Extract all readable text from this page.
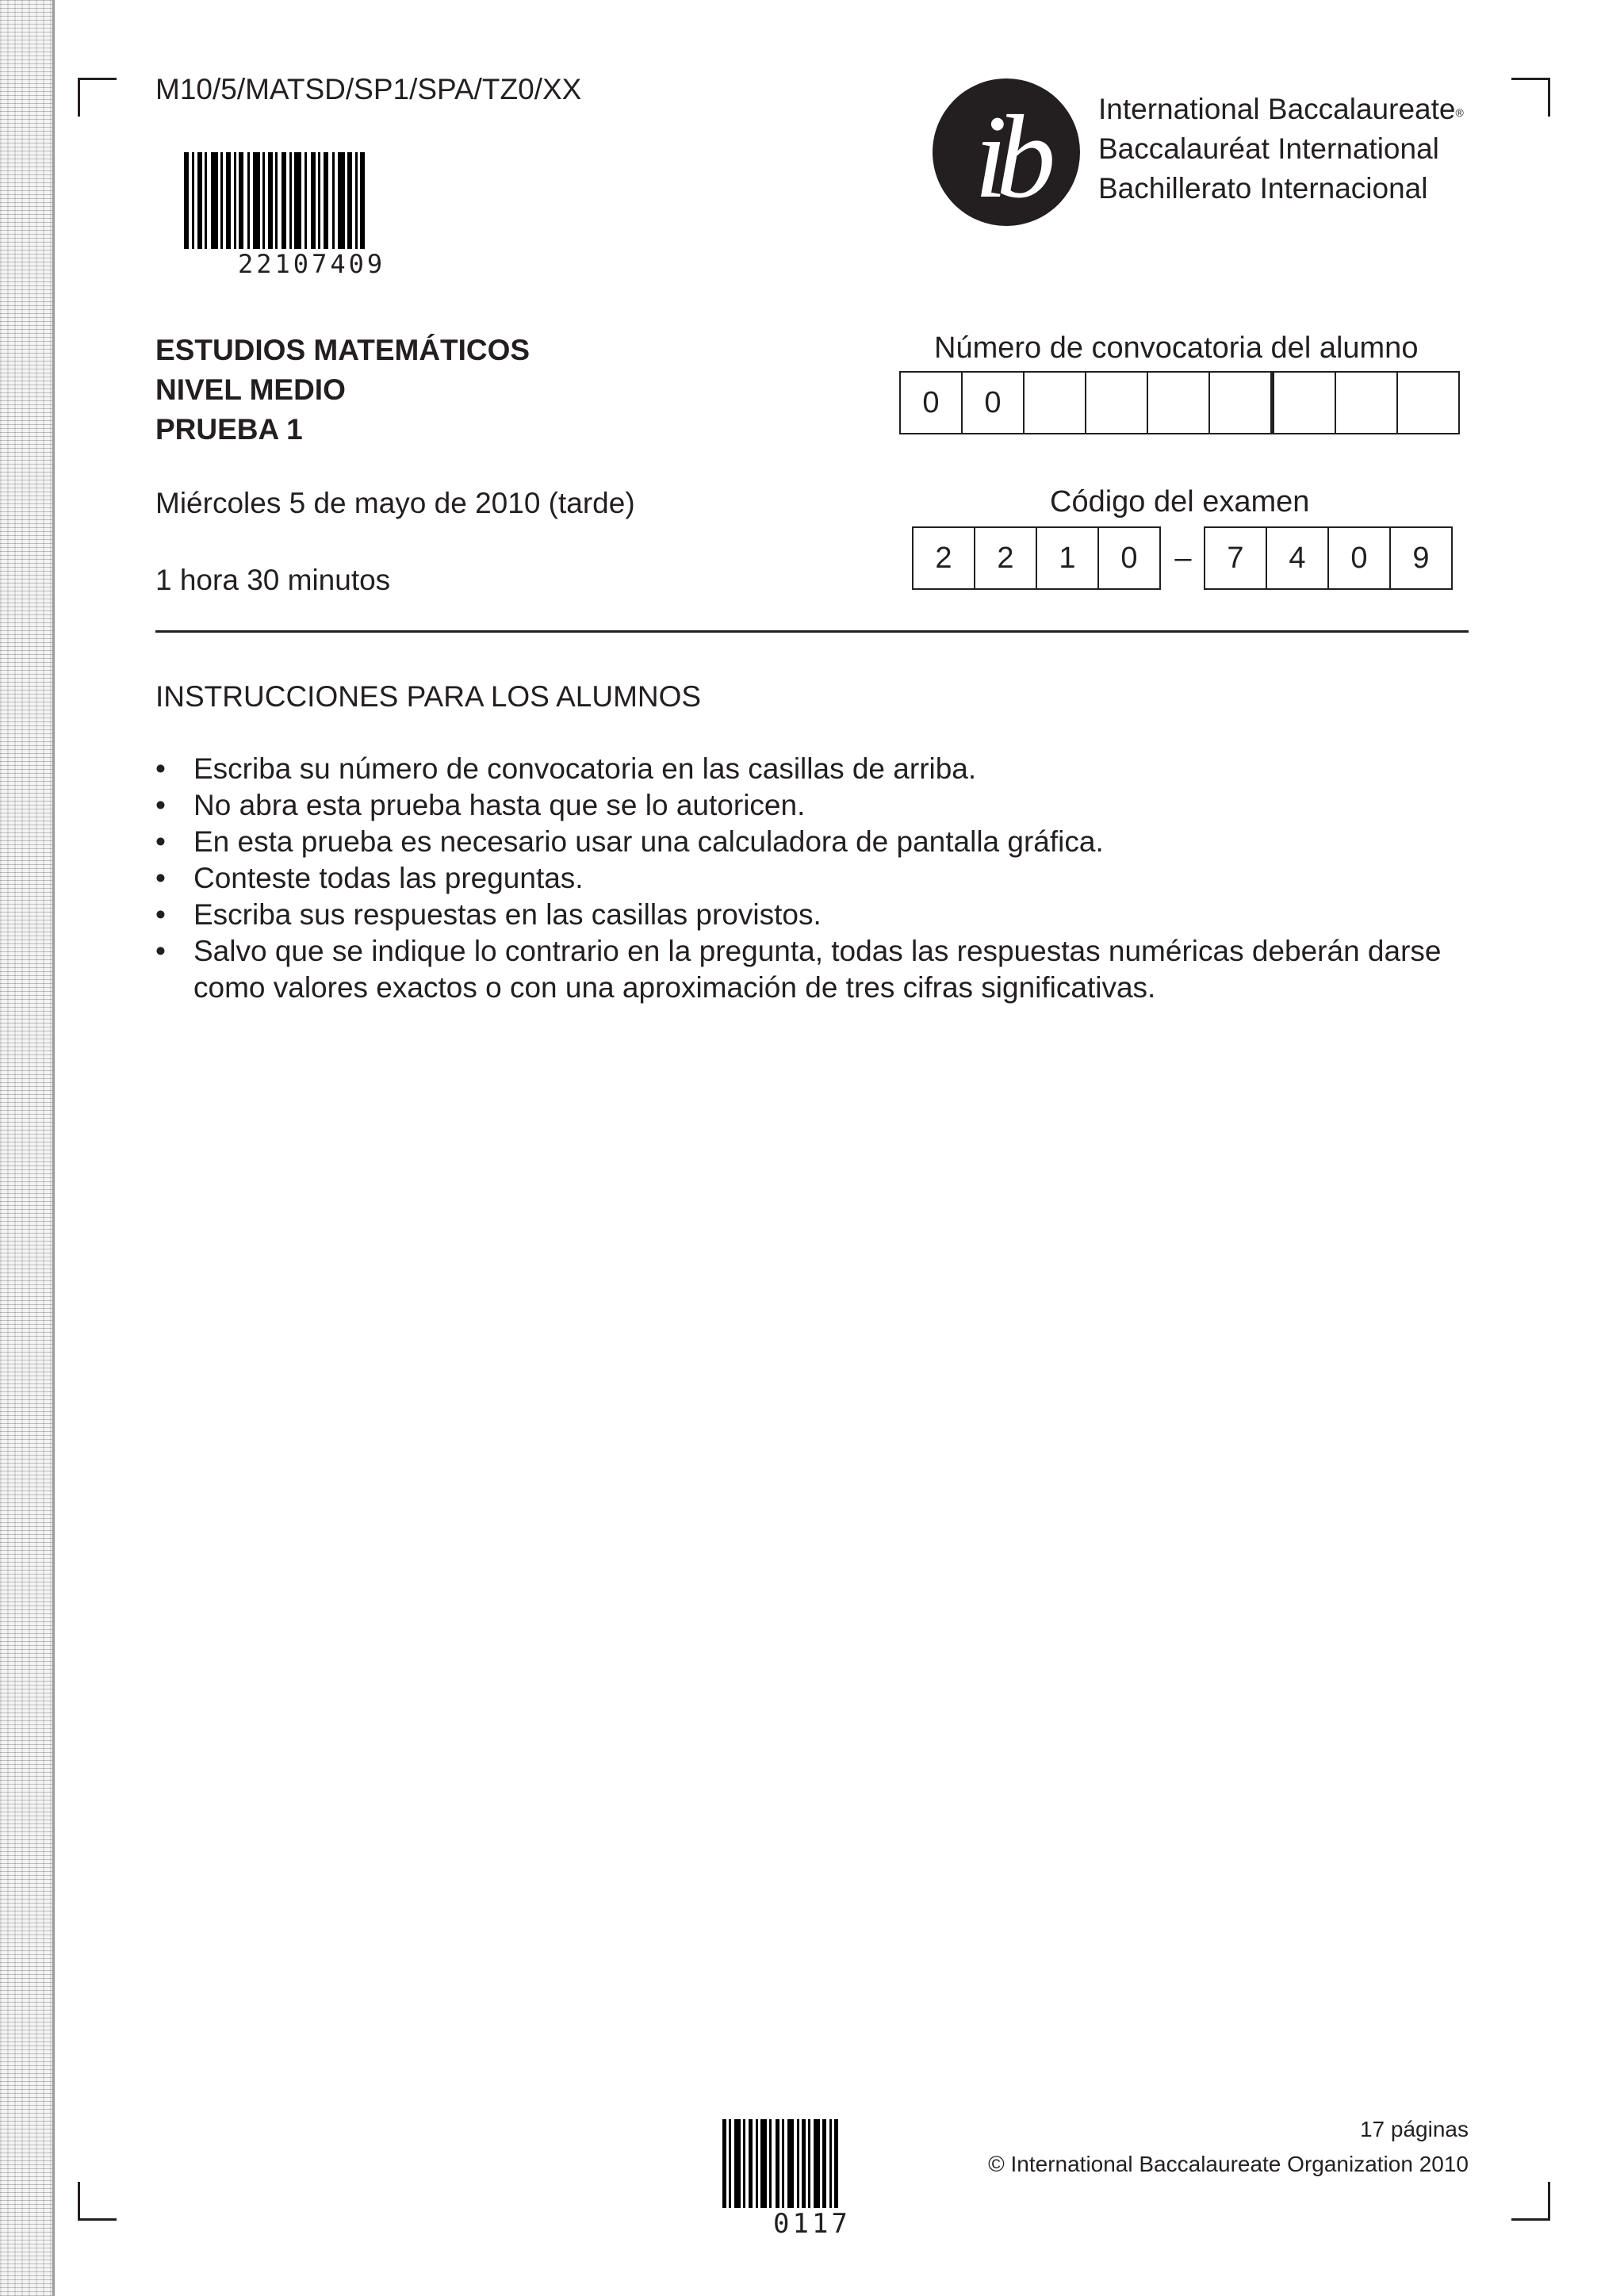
M10/5/MATSD/SP1/SPA/TZ0/XX
22107409
ib International Baccalaureate®
Baccalauréat International
Bachillerato Internacional
ESTUDIOS MATEMÁTICOS
NIVEL MEDIO
PRUEBA 1
Miércoles 5 de mayo de 2010 (tarde)
1 hora 30 minutos
Número de convocatoria del alumno
0	0
Código del examen
2	2	1	0	–	7	4	0	9
INSTRUCCIONES PARA LOS ALUMNOS
• Escriba su número de convocatoria en las casillas de arriba.
• No abra esta prueba hasta que se lo autoricen.
• En esta prueba es necesario usar una calculadora de pantalla gráfica.
• Conteste todas las preguntas.
• Escriba sus respuestas en las casillas provistos.
• Salvo que se indique lo contrario en la pregunta, todas las respuestas numéricas deberán darse como valores exactos o con una aproximación de tres cifras significativas.
0117
17 páginas
© International Baccalaureate Organization 2010
